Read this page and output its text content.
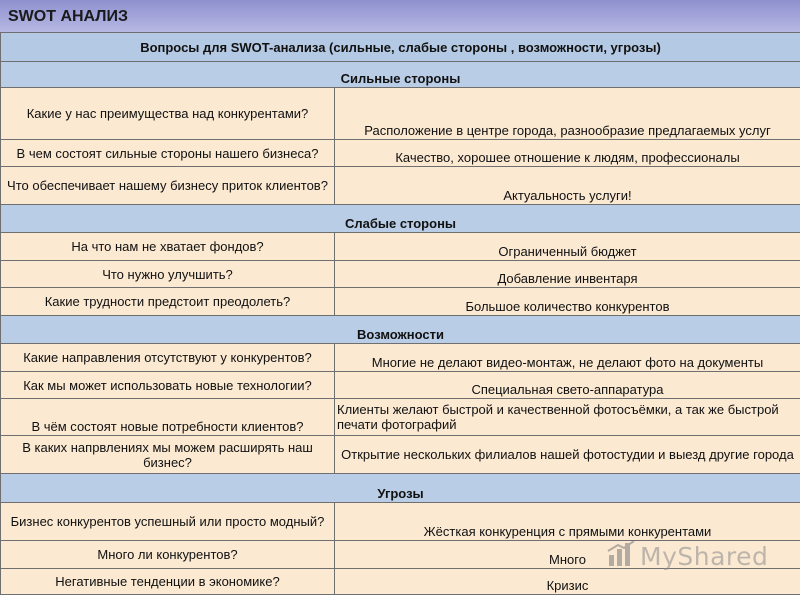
SWOT АНАЛИЗ
Вопросы для SWOT-анализа (сильные, слабые стороны , возможности, угрозы)	
Сильные стороны	
Какие у нас преимущества над конкурентами?	Расположение в центре города, разнообразие предлагаемых услуг
В чем состоят сильные стороны нашего бизнеса?	Качество, хорошее отношение к людям, профессионалы
Что обеспечивает нашему бизнесу приток клиентов?	Актуальность услуги!
Слабые стороны	
На что нам не хватает фондов?	Ограниченный бюджет
Что нужно улучшить?	Добавление инвентаря
Какие трудности предстоит преодолеть?	Большое количество конкурентов
Возможности	
Какие направления отсутствуют у конкурентов?	Многие не делают видео-монтаж, не делают фото на документы
Как мы может использовать новые технологии?	Специальная свето-аппаратура
В чём состоят новые потребности клиентов?	Клиенты желают быстрой и качественной фотосъёмки, а так же быстрой печати фотографий
В каких напрвлениях мы можем расширять наш бизнес?	Открытие нескольких филиалов нашей фотостудии и выезд другие города
Угрозы	
Бизнес конкурентов успешный или просто модный?	Жёсткая конкуренция с прямыми конкурентами
Много ли конкурентов?	Много
Негативные тенденции в экономике?	Кризис
MyShared
